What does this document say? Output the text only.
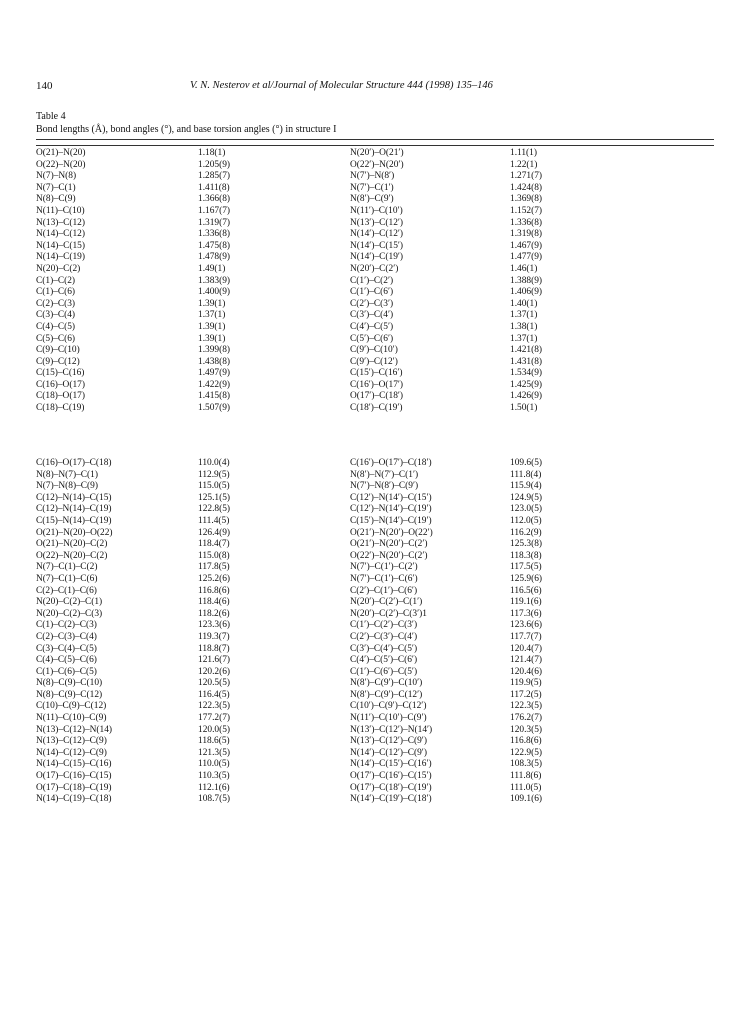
140	V. N. Nesterov et al/Journal of Molecular Structure 444 (1998) 135–146
Table 4
Bond lengths (Å), bond angles (°), and base torsion angles (°) in structure I
O(21)–N(20)	1.18(1)	N(20′)–O(21′)	1.11(1)
O(22)–N(20)	1.205(9)	O(22′)–N(20′)	1.22(1)
N(7)–N(8)	1.285(7)	N(7′)–N(8′)	1.271(7)
N(7)–C(1)	1.411(8)	N(7′)–C(1′)	1.424(8)
N(8)–C(9)	1.366(8)	N(8′)–C(9′)	1.369(8)
N(11)–C(10)	1.167(7)	N(11′)–C(10′)	1.152(7)
N(13)–C(12)	1.319(7)	N(13′)–C(12′)	1.336(8)
N(14)–C(12)	1.336(8)	N(14′)–C(12′)	1.319(8)
N(14)–C(15)	1.475(8)	N(14′)–C(15′)	1.467(9)
N(14)–C(19)	1.478(9)	N(14′)–C(19′)	1.477(9)
N(20)–C(2)	1.49(1)	N(20′)–C(2′)	1.46(1)
C(1)–C(2)	1.383(9)	C(1′)–C(2′)	1.388(9)
C(1)–C(6)	1.400(9)	C(1′)–C(6′)	1.406(9)
C(2)–C(3)	1.39(1)	C(2′)–C(3′)	1.40(1)
C(3)–C(4)	1.37(1)	C(3′)–C(4′)	1.37(1)
C(4)–C(5)	1.39(1)	C(4′)–C(5′)	1.38(1)
C(5)–C(6)	1.39(1)	C(5′)–C(6′)	1.37(1)
C(9)–C(10)	1.399(8)	C(9′)–C(10′)	1.421(8)
C(9)–C(12)	1.438(8)	C(9′)–C(12′)	1.431(8)
C(15)–C(16)	1.497(9)	C(15′)–C(16′)	1.534(9)
C(16)–O(17)	1.422(9)	C(16′)–O(17′)	1.425(9)
C(18)–O(17)	1.415(8)	O(17′)–C(18′)	1.426(9)
C(18)–C(19)	1.507(9)	C(18′)–C(19′)	1.50(1)
C(16)–O(17)–C(18)	110.0(4)	C(16′)–O(17′)–C(18′)	109.6(5)
N(8)–N(7)–C(1)	112.9(5)	N(8′)–N(7′)–C(1′)	111.8(4)
N(7)–N(8)–C(9)	115.0(5)	N(7′)–N(8′)–C(9′)	115.9(4)
C(12)–N(14)–C(15)	125.1(5)	C(12′)–N(14′)–C(15′)	124.9(5)
C(12)–N(14)–C(19)	122.8(5)	C(12′)–N(14′)–C(19′)	123.0(5)
C(15)–N(14)–C(19)	111.4(5)	C(15′)–N(14′)–C(19′)	112.0(5)
O(21)–N(20)–O(22)	126.4(9)	O(21′)–N(20′)–O(22′)	116.2(9)
O(21)–N(20)–C(2)	118.4(7)	O(21′)–N(20′)–C(2′)	125.3(8)
O(22)–N(20)–C(2)	115.0(8)	O(22′)–N(20′)–C(2′)	118.3(8)
N(7)–C(1)–C(2)	117.8(5)	N(7′)–C(1′)–C(2′)	117.5(5)
N(7)–C(1)–C(6)	125.2(6)	N(7′)–C(1′)–C(6′)	125.9(6)
C(2)–C(1)–C(6)	116.8(6)	C(2′)–C(1′)–C(6′)	116.5(6)
N(20)–C(2)–C(1)	118.4(6)	N(20′)–C(2′)–C(1′)	119.1(6)
N(20)–C(2)–C(3)	118.2(6)	N(20′)–C(2′)–C(3′)1	117.3(6)
C(1)–C(2)–C(3)	123.3(6)	C(1′)–C(2′)–C(3′)	123.6(6)
C(2)–C(3)–C(4)	119.3(7)	C(2′)–C(3′)–C(4′)	117.7(7)
C(3)–C(4)–C(5)	118.8(7)	C(3′)–C(4′)–C(5′)	120.4(7)
C(4)–C(5)–C(6)	121.6(7)	C(4′)–C(5′)–C(6′)	121.4(7)
C(1)–C(6)–C(5)	120.2(6)	C(1′)–C(6′)–C(5′)	120.4(6)
N(8)–C(9)–C(10)	120.5(5)	N(8′)–C(9′)–C(10′)	119.9(5)
N(8)–C(9)–C(12)	116.4(5)	N(8′)–C(9′)–C(12′)	117.2(5)
C(10)–C(9)–C(12)	122.3(5)	C(10′)–C(9′)–C(12′)	122.3(5)
N(11)–C(10)–C(9)	177.2(7)	N(11′)–C(10′)–C(9′)	176.2(7)
N(13)–C(12)–N(14)	120.0(5)	N(13′)–C(12′)–N(14′)	120.3(5)
N(13)–C(12)–C(9)	118.6(5)	N(13′)–C(12′)–C(9′)	116.8(6)
N(14)–C(12)–C(9)	121.3(5)	N(14′)–C(12′)–C(9′)	122.9(5)
N(14)–C(15)–C(16)	110.0(5)	N(14′)–C(15′)–C(16′)	108.3(5)
O(17)–C(16)–C(15)	110.3(5)	O(17′)–C(16′)–C(15′)	111.8(6)
O(17)–C(18)–C(19)	112.1(6)	O(17′)–C(18′)–C(19′)	111.0(5)
N(14)–C(19)–C(18)	108.7(5)	N(14′)–C(19′)–C(18′)	109.1(6)
